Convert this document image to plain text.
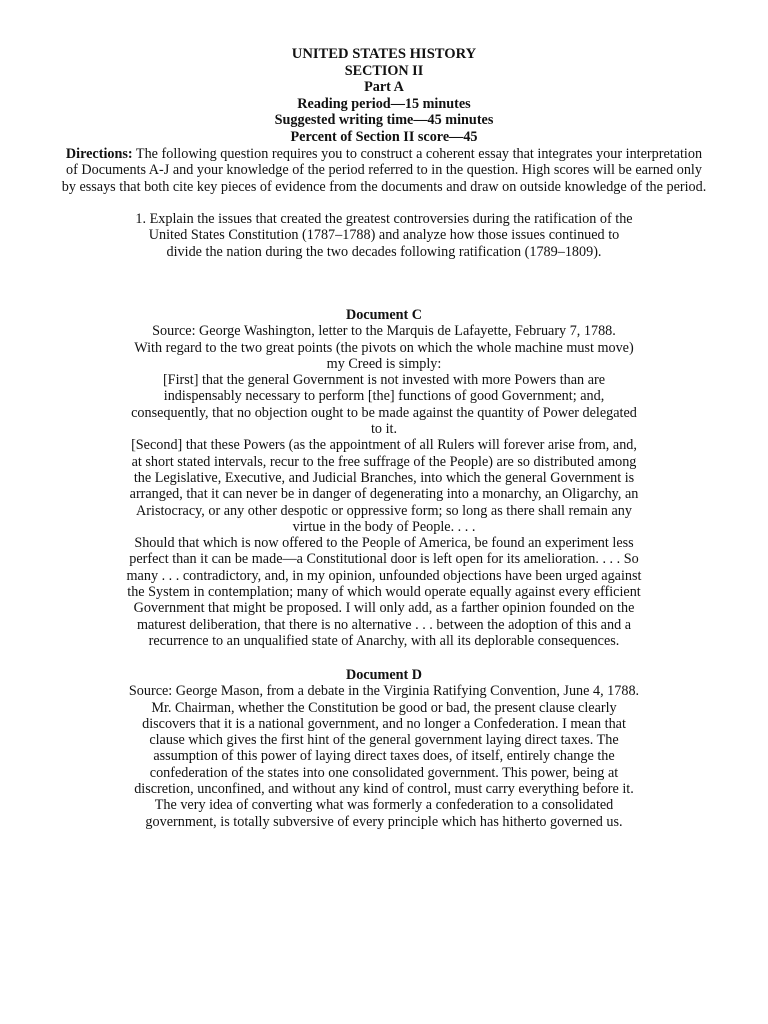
UNITED STATES HISTORY
SECTION II
Part A
Reading period—15 minutes
Suggested writing time—45 minutes
Percent of Section II score—45
Directions: The following question requires you to construct a coherent essay that integrates your interpretation of Documents A-J and your knowledge of the period referred to in the question. High scores will be earned only by essays that both cite key pieces of evidence from the documents and draw on outside knowledge of the period.
1. Explain the issues that created the greatest controversies during the ratification of the United States Constitution (1787–1788) and analyze how those issues continued to divide the nation during the two decades following ratification (1789–1809).
Document C

Source: George Washington, letter to the Marquis de Lafayette, February 7, 1788.

With regard to the two great points (the pivots on which the whole machine must move) my Creed is simply:

[First] that the general Government is not invested with more Powers than are indispensably necessary to perform [the] functions of good Government; and, consequently, that no objection ought to be made against the quantity of Power delegated to it.

[Second] that these Powers (as the appointment of all Rulers will forever arise from, and, at short stated intervals, recur to the free suffrage of the People) are so distributed among the Legislative, Executive, and Judicial Branches, into which the general Government is arranged, that it can never be in danger of degenerating into a monarchy, an Oligarchy, an Aristocracy, or any other despotic or oppressive form; so long as there shall remain any virtue in the body of People. . . .

Should that which is now offered to the People of America, be found an experiment less perfect than it can be made—a Constitutional door is left open for its amelioration. . . . So many . . . contradictory, and, in my opinion, unfounded objections have been urged against the System in contemplation; many of which would operate equally against every efficient Government that might be proposed. I will only add, as a farther opinion founded on the maturest deliberation, that there is no alternative . . . between the adoption of this and a recurrence to an unqualified state of Anarchy, with all its deplorable consequences.

Document D

Source: George Mason, from a debate in the Virginia Ratifying Convention, June 4, 1788.

Mr. Chairman, whether the Constitution be good or bad, the present clause clearly discovers that it is a national government, and no longer a Confederation. I mean that clause which gives the first hint of the general government laying direct taxes. The assumption of this power of laying direct taxes does, of itself, entirely change the confederation of the states into one consolidated government. This power, being at discretion, unconfined, and without any kind of control, must carry everything before it. The very idea of converting what was formerly a confederation to a consolidated government, is totally subversive of every principle which has hitherto governed us.
